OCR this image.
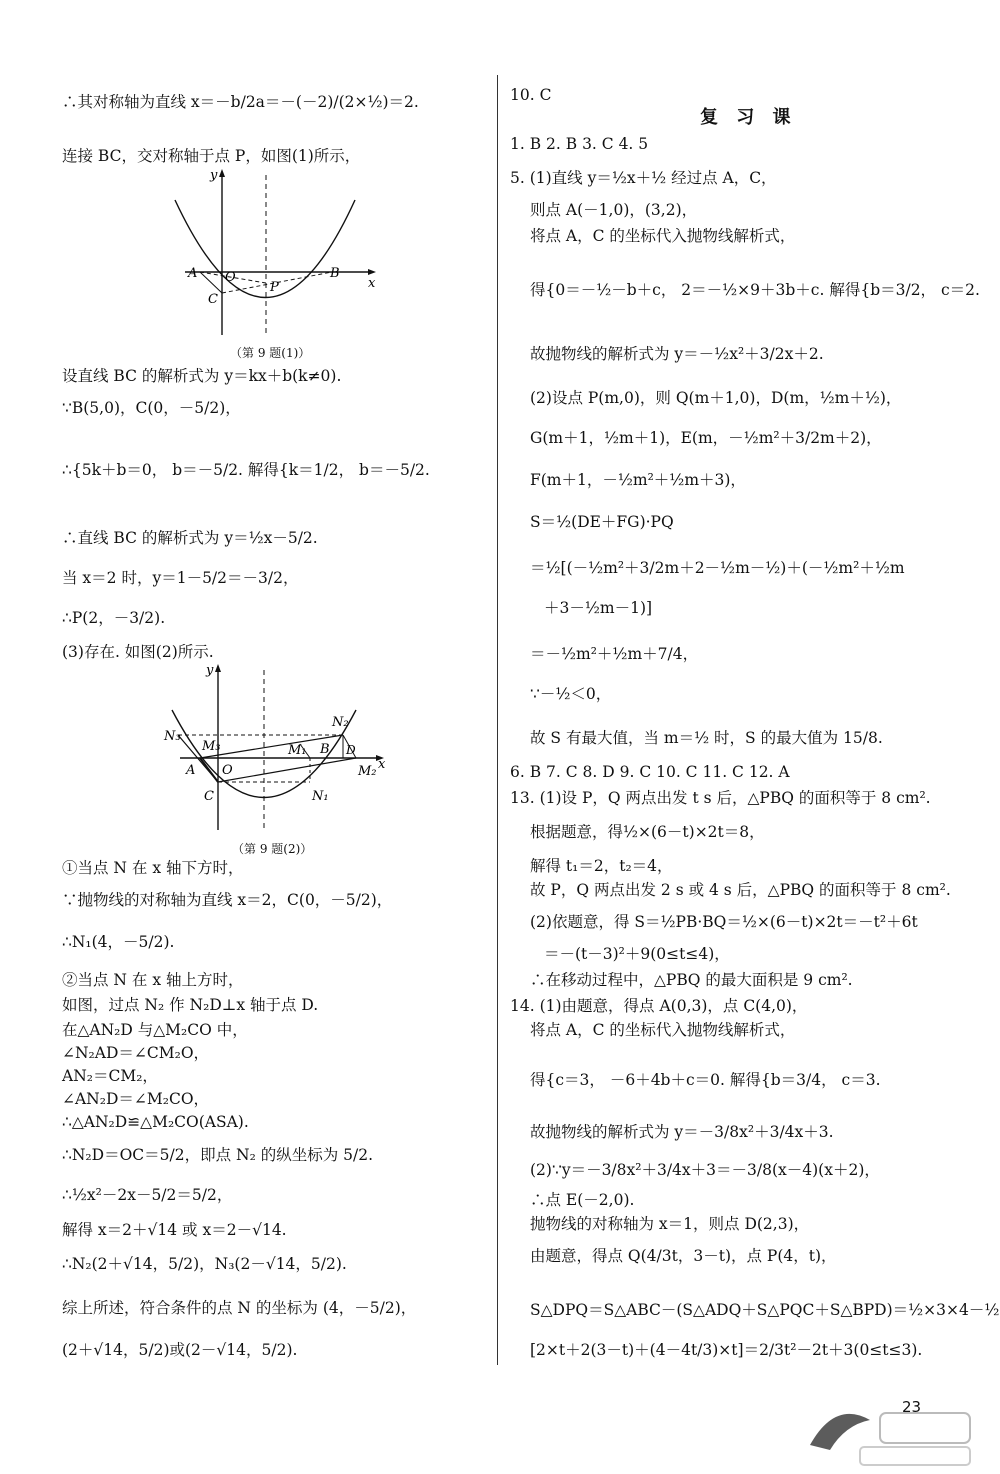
∴其对称轴为直线 x＝－b/2a＝－(－2)/(2×½)＝2.
连接 BC，交对称轴于点 P，如图(1)所示，
设直线 BC 的解析式为 y＝kx＋b(k≠0).
∵B(5,0)，C(0，－5/2)，
∴{5k＋b＝0， b＝－5/2. 解得{k＝1/2， b＝－5/2.
∴直线 BC 的解析式为 y＝½x－5/2.
当 x＝2 时，y＝1－5/2＝－3/2，
∴P(2，－3/2).
(3)存在. 如图(2)所示.
①当点 N 在 x 轴下方时，
∵抛物线的对称轴为直线 x＝2，C(0，－5/2)，
∴N₁(4，－5/2).
②当点 N 在 x 轴上方时，
如图，过点 N₂ 作 N₂D⊥x 轴于点 D.
在△AN₂D 与△M₂CO 中，
∠N₂AD＝∠CM₂O，
AN₂＝CM₂，
∠AN₂D＝∠M₂CO，
∴△AN₂D≌△M₂CO(ASA).
∴N₂D＝OC＝5/2，即点 N₂ 的纵坐标为 5/2.
∴½x²－2x－5/2＝5/2，
解得 x＝2＋√14 或 x＝2－√14.
∴N₂(2＋√14，5/2)，N₃(2－√14，5/2).
综上所述，符合条件的点 N 的坐标为 (4，－5/2)，
(2＋√14，5/2)或(2－√14，5/2).
10. C
复 习 课
1. B 2. B 3. C 4. 5
5. (1)直线 y＝½x＋½ 经过点 A，C，
则点 A(－1,0)，(3,2)，
将点 A，C 的坐标代入抛物线解析式，
得{0＝－½－b＋c， 2＝－½×9＋3b＋c. 解得{b＝3/2， c＝2.
故抛物线的解析式为 y＝－½x²＋3/2x＋2.
(2)设点 P(m,0)，则 Q(m＋1,0)，D(m，½m＋½)，
G(m＋1，½m＋1)，E(m，－½m²＋3/2m＋2)，
F(m＋1，－½m²＋½m＋3)，
S＝½(DE＋FG)·PQ
＝½[(－½m²＋3/2m＋2－½m－½)＋(－½m²＋½m
＋3－½m－1)]
＝－½m²＋½m＋7/4，
∵－½＜0，
故 S 有最大值，当 m＝½ 时，S 的最大值为 15/8.
6. B 7. C 8. D 9. C 10. C 11. C 12. A
13. (1)设 P，Q 两点出发 t s 后，△PBQ 的面积等于 8 cm².
根据题意，得½×(6－t)×2t＝8，
解得 t₁＝2，t₂＝4，
故 P，Q 两点出发 2 s 或 4 s 后，△PBQ 的面积等于 8 cm².
(2)依题意，得 S＝½PB·BQ＝½×(6－t)×2t＝－t²＋6t
＝－(t－3)²＋9(0≤t≤4)，
∴在移动过程中，△PBQ 的最大面积是 9 cm².
14. (1)由题意，得点 A(0,3)，点 C(4,0)，
将点 A，C 的坐标代入抛物线解析式，
得{c＝3， －6＋4b＋c＝0. 解得{b＝3/4， c＝3.
故抛物线的解析式为 y＝－3/8x²＋3/4x＋3.
(2)∵y＝－3/8x²＋3/4x＋3＝－3/8(x－4)(x＋2)，
∴点 E(－2,0).
抛物线的对称轴为 x＝1，则点 D(2,3)，
由题意，得点 Q(4/3t，3－t)，点 P(4，t)，
S△DPQ＝S△ABC－(S△ADQ＋S△PQC＋S△BPD)＝½×3×4－½
[2×t＋2(3－t)＋(4－4t/3)×t]＝2/3t²－2t＋3(0≤t≤3).
y
x
A O
C
P
B
（第 9 题(1)）
y
x
A O
C
B D
N₁
N₂
N₃
M₁
M₂
M₃
（第 9 题(2)）
23
